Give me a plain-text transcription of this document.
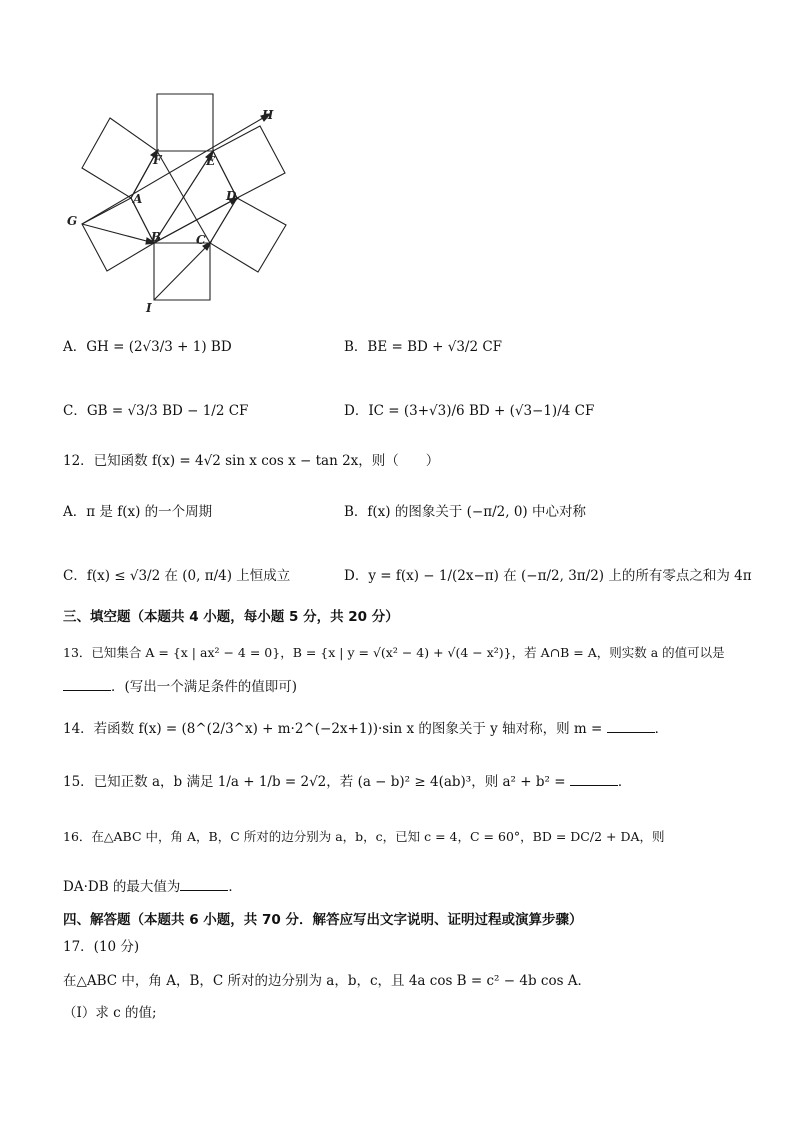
H
F	E
D
A
G
B	C
I
A．GH = (2√3/3 + 1) BD	B．BE = BD + √3/2 CF
C．GB = √3/3 BD − 1/2 CF	D．IC = (3+√3)/6 BD + (√3−1)/4 CF
12．已知函数 f(x) = 4√2 sin x cos x − tan 2x，则（　　）
A．π 是 f(x) 的一个周期	B．f(x) 的图象关于 (−π/2, 0) 中心对称
C．f(x) ≤ √3/2 在 (0, π/4) 上恒成立	D．y = f(x) − 1/(2x−π) 在 (−π/2, 3π/2) 上的所有零点之和为 4π
三、填空题（本题共 4 小题，每小题 5 分，共 20 分）
13．已知集合 A = {x | ax² − 4 = 0}，B = {x | y = √(x² − 4) + √(4 − x²)}，若 A∩B = A，则实数 a 的值可以是
．(写出一个满足条件的值即可)
14．若函数 f(x) = (8^(2/3^x) + m·2^(−2x+1))·sin x 的图象关于 y 轴对称，则 m =	．
15．已知正数 a，b 满足 1/a + 1/b = 2√2，若 (a − b)² ≥ 4(ab)³，则 a² + b² =	．
16．在△ABC 中，角 A，B，C 所对的边分别为 a，b，c，已知 c = 4，C = 60°，BD = DC/2 + DA，则
DA·DB 的最大值为	．
四、解答题（本题共 6 小题，共 70 分．解答应写出文字说明、证明过程或演算步骤）
17．(10 分)
在△ABC 中，角 A，B，C 所对的边分别为 a，b，c，且 4a cos B = c² − 4b cos A．
（Ⅰ）求 c 的值;
